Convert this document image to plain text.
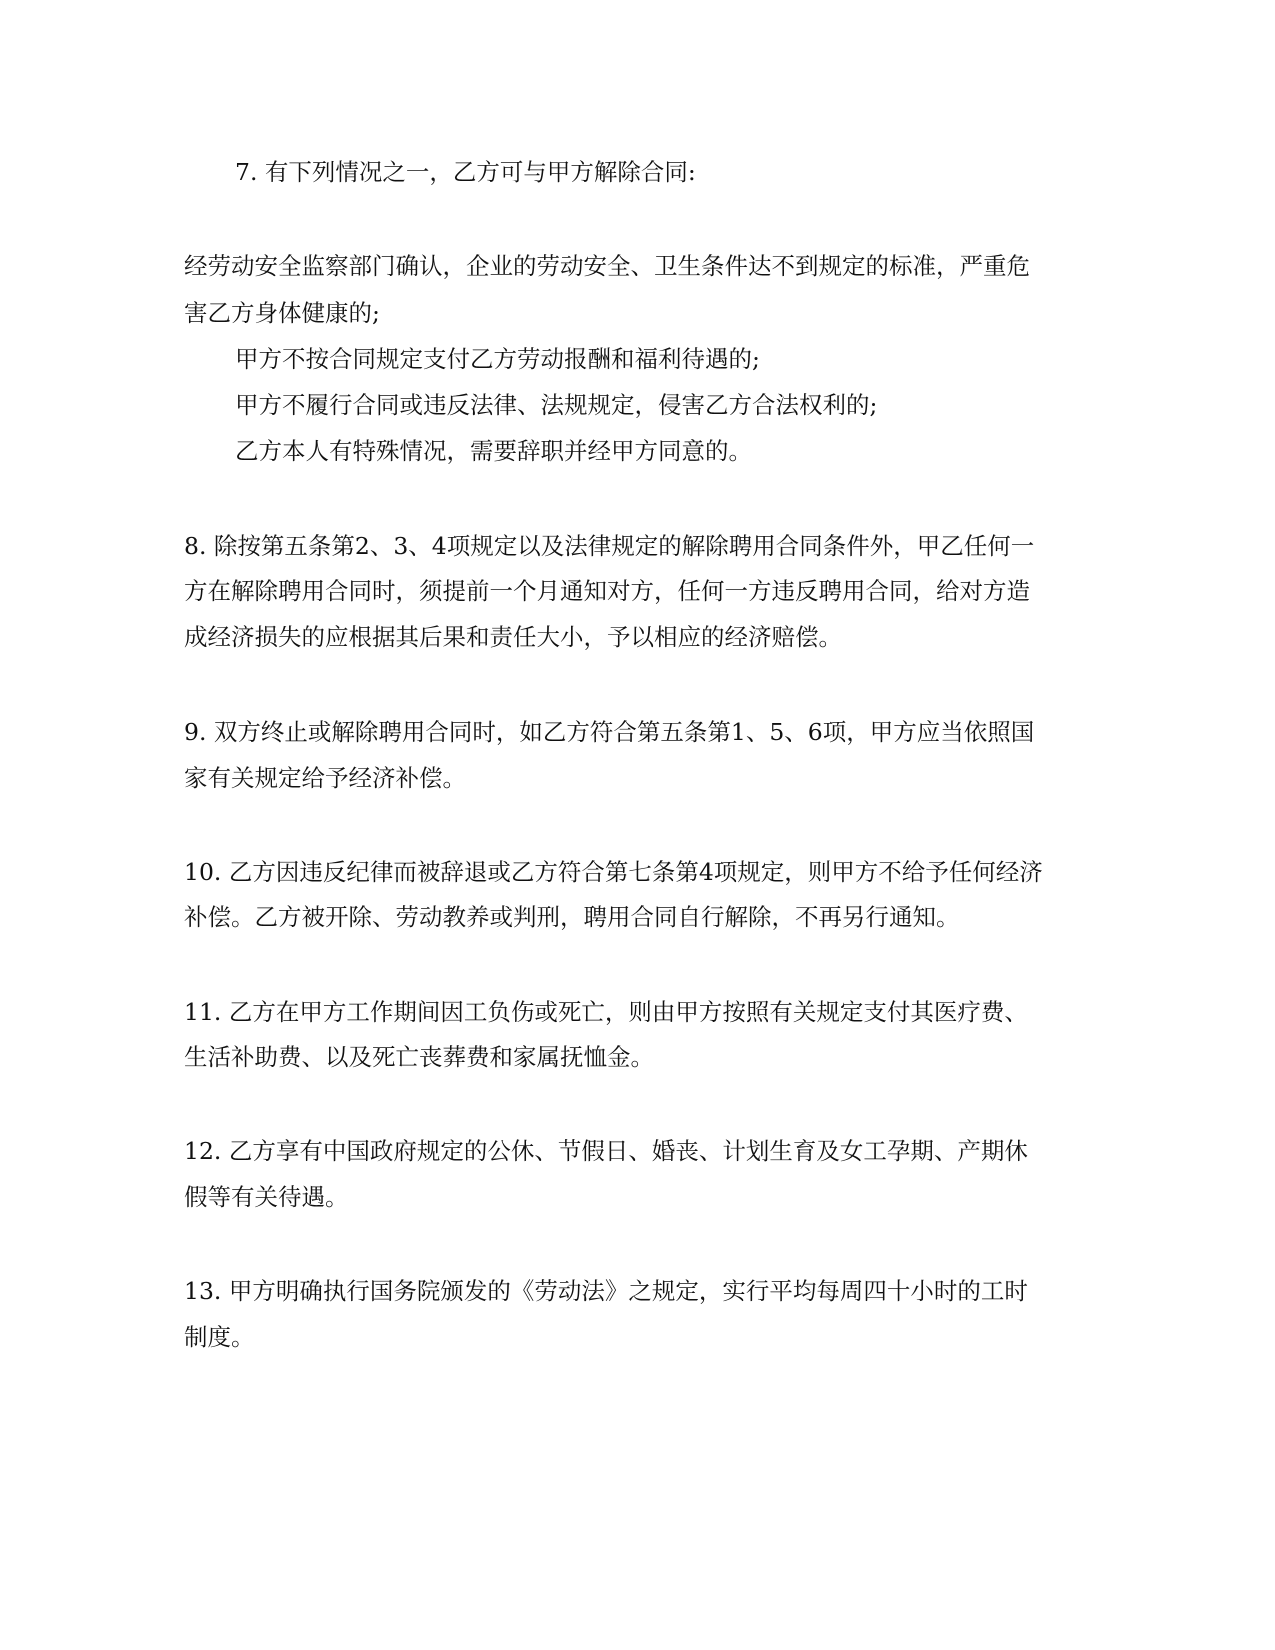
7. 有下列情况之一，乙方可与甲方解除合同:
经劳动安全监察部门确认，企业的劳动安全、卫生条件达不到规定的标准，严重危
害乙方身体健康的;
甲方不按合同规定支付乙方劳动报酬和福利待遇的;
甲方不履行合同或违反法律、法规规定，侵害乙方合法权利的;
乙方本人有特殊情况，需要辞职并经甲方同意的。
8. 除按第五条第2、3、4项规定以及法律规定的解除聘用合同条件外，甲乙任何一
方在解除聘用合同时，须提前一个月通知对方，任何一方违反聘用合同，给对方造
成经济损失的应根据其后果和责任大小，予以相应的经济赔偿。
9. 双方终止或解除聘用合同时，如乙方符合第五条第1、5、6项，甲方应当依照国
家有关规定给予经济补偿。
10. 乙方因违反纪律而被辞退或乙方符合第七条第4项规定，则甲方不给予任何经济
补偿。乙方被开除、劳动教养或判刑，聘用合同自行解除，不再另行通知。
11. 乙方在甲方工作期间因工负伤或死亡，则由甲方按照有关规定支付其医疗费、
生活补助费、以及死亡丧葬费和家属抚恤金。
12. 乙方享有中国政府规定的公休、节假日、婚丧、计划生育及女工孕期、产期休
假等有关待遇。
13. 甲方明确执行国务院颁发的《劳动法》之规定，实行平均每周四十小时的工时
制度。
